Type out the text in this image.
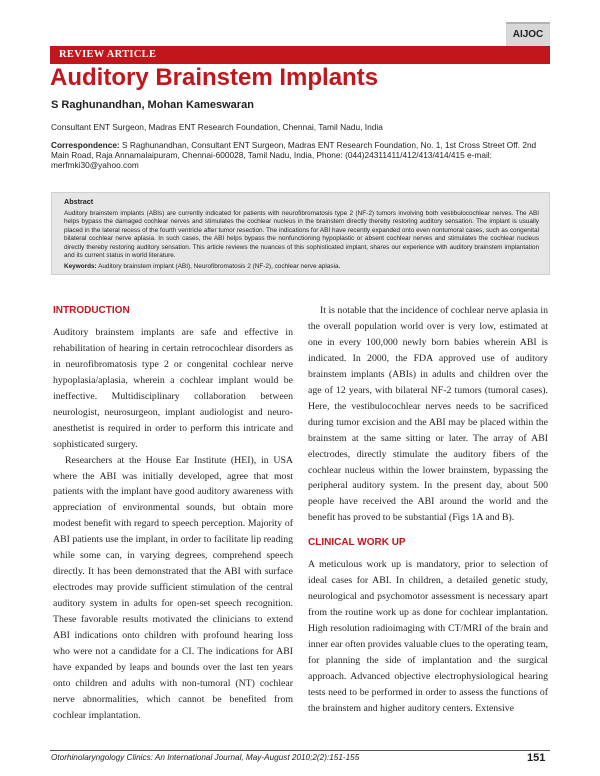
AIJOC
REVIEW ARTICLE
Auditory Brainstem Implants
S Raghunandhan, Mohan Kameswaran
Consultant ENT Surgeon, Madras ENT Research Foundation, Chennai, Tamil Nadu, India
Correspondence: S Raghunandhan, Consultant ENT Surgeon, Madras ENT Research Foundation, No. 1, 1st Cross Street Off. 2nd Main Road, Raja Annamalaipuram, Chennai-600028, Tamil Nadu, India, Phone: (044)24311411/412/413/414/415 e-mail: merfmki30@yahoo.com
Abstract
Auditory brainstem implants (ABIs) are currently indicated for patients with neurofibromatosis type 2 (NF-2) tumors involving both vestibulocochlear nerves. The ABI helps bypass the damaged cochlear nerves and stimulates the cochlear nucleus in the brainstem directly thereby restoring auditory sensation. The implant is usually placed in the lateral recess of the fourth ventricle after tumor resection. The indications for ABI have recently expanded onto even nontumoral cases, such as congenital bilateral cochlear nerve aplasia. In such cases, the ABI helps bypass the nonfunctioning hypoplastic or absent cochlear nerves and stimulates the cochlear nucleus directly thereby restoring auditory sensation. This article reviews the nuances of this sophisticated implant, shares our experience with auditory brainstem implantation and its current status in world literature.
Keywords: Auditory brainstem implant (ABI), Neurofibromatosis 2 (NF-2), cochlear nerve aplasia.
INTRODUCTION

Auditory brainstem implants are safe and effective in rehabilitation of hearing in certain retrocochlear disorders as in neurofibromatosis type 2 or congenital cochlear nerve hypoplasia/aplasia, wherein a cochlear implant would be ineffective. Multidisciplinary collaboration between neurologist, neurosurgeon, implant audiologist and neuro-anesthetist is required in order to perform this intricate and sophisticated surgery.

Researchers at the House Ear Institute (HEI), in USA where the ABI was initially developed, agree that most patients with the implant have good auditory awareness with appreciation of environmental sounds, but obtain more modest benefit with regard to speech perception. Majority of ABI patients use the implant, in order to facilitate lip reading while some can, in varying degrees, comprehend speech directly. It has been demonstrated that the ABI with surface electrodes may provide sufficient stimulation of the central auditory system in adults for open-set speech recognition. These favorable results motivated the clinicians to extend ABI indications onto children with profound hearing loss who were not a candidate for a CI. The indications for ABI have expanded by leaps and bounds over the last ten years onto children and adults with non-tumoral (NT) cochlear nerve abnormalities, which cannot be benefited from cochlear implantation.

It is notable that the incidence of cochlear nerve aplasia in the overall population world over is very low, estimated at one in every 100,000 newly born babies wherein ABI is indicated. In 2000, the FDA approved use of auditory brainstem implants (ABIs) in adults and children over the age of 12 years, with bilateral NF-2 tumors (tumoral cases). Here, the vestibulocochlear nerves needs to be sacrificed during tumor excision and the ABI may be placed within the brainstem at the same sitting or later. The array of ABI electrodes, directly stimulate the auditory fibers of the cochlear nucleus within the lower brainstem, bypassing the peripheral auditory system. In the present day, about 500 people have received the ABI around the world and the benefit has proved to be substantial (Figs 1A and B).

CLINICAL WORK UP

A meticulous work up is mandatory, prior to selection of ideal cases for ABI. In children, a detailed genetic study, neurological and psychomotor assessment is necessary apart from the routine work up as done for cochlear implantation. High resolution radioimaging with CT/MRI of the brain and inner ear often provides valuable clues to the operating team, for planning the side of implantation and the surgical approach. Advanced objective electrophysiological hearing tests need to be performed in order to assess the functions of the brainstem and higher auditory centers. Extensive

Otorhinolaryngology Clinics: An International Journal, May-August 2010;2(2):151-155	151
